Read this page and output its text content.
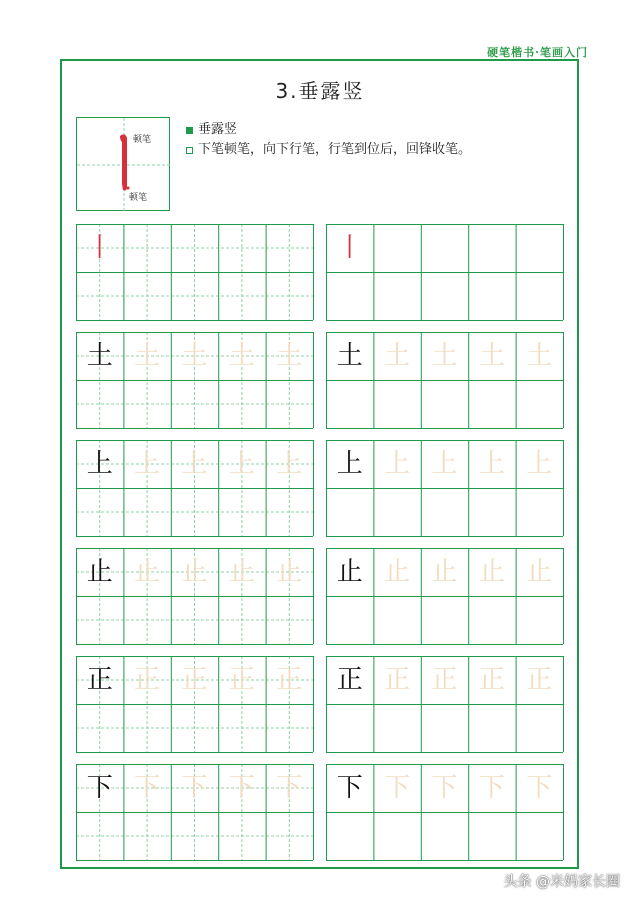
硬笔楷书·笔画入门
3.垂露竖
顿笔
顿笔
垂露竖
下笔顿笔，向下行笔，行笔到位后，回锋收笔。
丨	丨
土 土 土 土 土	土 土 土 土 土
上 上 上 上 上	上 上 上 上 上
止 止 止 止 止	止 止 止 止 止
正 正 正 正 正	正 正 正 正 正
下 下 下 下 下	下 下 下 下 下
头条 @米妈家长圈
